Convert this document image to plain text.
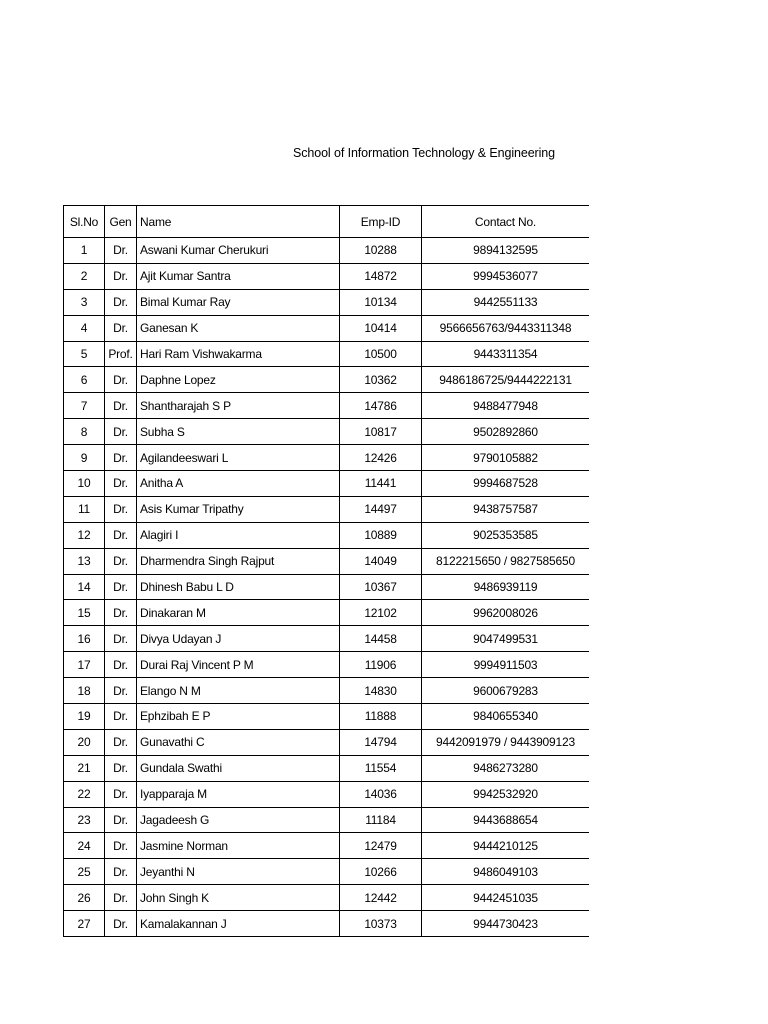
School of Information Technology & Engineering
Sl.No	Gen	Name	Emp-ID	Contact No.
1	Dr.	Aswani Kumar Cherukuri	10288	9894132595
2	Dr.	Ajit Kumar Santra	14872	9994536077
3	Dr.	Bimal Kumar Ray	10134	9442551133
4	Dr.	Ganesan K	10414	9566656763/9443311348
5	Prof.	Hari Ram Vishwakarma	10500	9443311354
6	Dr.	Daphne Lopez	10362	9486186725/9444222131
7	Dr.	Shantharajah S P	14786	9488477948
8	Dr.	Subha S	10817	9502892860
9	Dr.	Agilandeeswari L	12426	9790105882
10	Dr.	Anitha A	11441	9994687528
11	Dr.	Asis Kumar Tripathy	14497	9438757587
12	Dr.	Alagiri I	10889	9025353585
13	Dr.	Dharmendra Singh Rajput	14049	8122215650 / 9827585650
14	Dr.	Dhinesh Babu L D	10367	9486939119
15	Dr.	Dinakaran M	12102	9962008026
16	Dr.	Divya Udayan J	14458	9047499531
17	Dr.	Durai Raj Vincent P M	11906	9994911503
18	Dr.	Elango N M	14830	9600679283
19	Dr.	Ephzibah E P	11888	9840655340
20	Dr.	Gunavathi C	14794	9442091979 / 9443909123
21	Dr.	Gundala Swathi	11554	9486273280
22	Dr.	Iyapparaja M	14036	9942532920
23	Dr.	Jagadeesh G	11184	9443688654
24	Dr.	Jasmine Norman	12479	9444210125
25	Dr.	Jeyanthi N	10266	9486049103
26	Dr.	John Singh K	12442	9442451035
27	Dr.	Kamalakannan J	10373	9944730423
